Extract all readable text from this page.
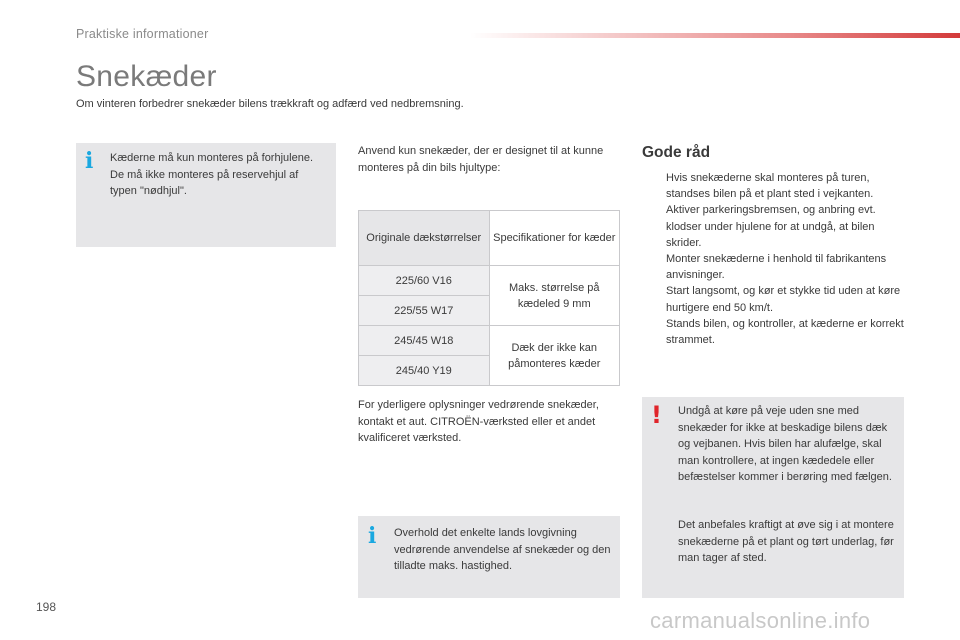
Praktiske informationer
Snekæder
Om vinteren forbedrer snekæder bilens trækkraft og adfærd ved nedbremsning.
i Kæderne må kun monteres på forhjulene. De må ikke monteres på reservehjul af typen "nødhjul".
Anvend kun snekæder, der er designet til at kunne monteres på din bils hjultype:
Originale dækstørrelser	Specifikationer for kæder
225/60 V16	Maks. størrelse på kædeled 9 mm
225/55 W17	
245/45 W18	Dæk der ikke kan påmonteres kæder
245/40 Y19	
For yderligere oplysninger vedrørende snekæder, kontakt et aut. CITROËN-værksted eller et andet kvalificeret værksted.
i Overhold det enkelte lands lovgivning vedrørende anvendelse af snekæder og den tilladte maks. hastighed.
Gode råd
Hvis snekæderne skal monteres på turen, standses bilen på et plant sted i vejkanten.
Aktiver parkeringsbremsen, og anbring evt. klodser under hjulene for at undgå, at bilen skrider.
Monter snekæderne i henhold til fabrikantens anvisninger.
Start langsomt, og kør et stykke tid uden at køre hurtigere end 50 km/t.
Stands bilen, og kontroller, at kæderne er korrekt strammet.
! Undgå at køre på veje uden sne med snekæder for ikke at beskadige bilens dæk og vejbanen. Hvis bilen har alufælge, skal man kontrollere, at ingen kædedele eller befæstelser kommer i berøring med fælgen.
Det anbefales kraftigt at øve sig i at montere snekæderne på et plant og tørt underlag, før man tager af sted.
198
carmanualsonline.info
